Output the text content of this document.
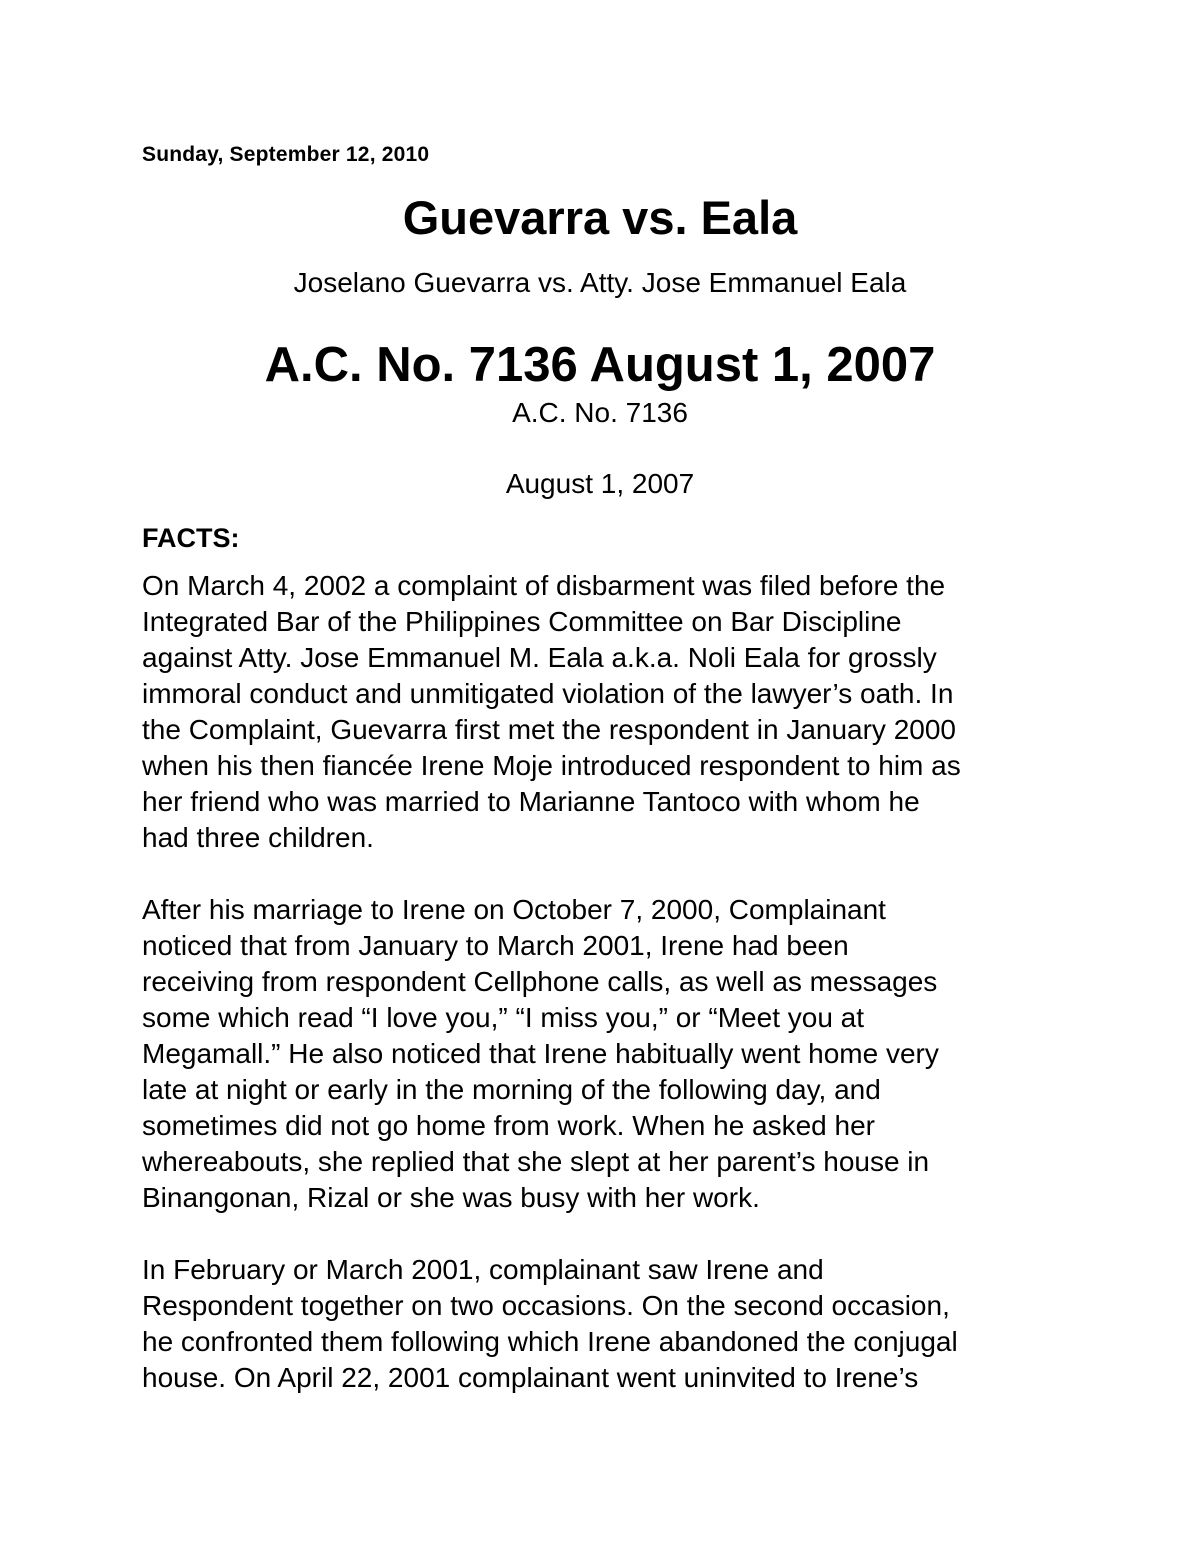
Sunday, September 12, 2010
Guevarra vs. Eala
Joselano Guevarra vs. Atty. Jose Emmanuel Eala
A.C. No. 7136 August 1, 2007
A.C. No. 7136
August 1, 2007
FACTS:

On March 4, 2002 a complaint of disbarment was filed before the
Integrated Bar of the Philippines Committee on Bar Discipline
against Atty. Jose Emmanuel M. Eala a.k.a. Noli Eala for grossly
immoral conduct and unmitigated violation of the lawyer’s oath. In
the Complaint, Guevarra first met the respondent in January 2000
when his then fiancée Irene Moje introduced respondent to him as
her friend who was married to Marianne Tantoco with whom he
had three children.

After his marriage to Irene on October 7, 2000, Complainant
noticed that from January to March 2001, Irene had been
receiving from respondent Cellphone calls, as well as messages
some which read “I love you,” “I miss you,” or “Meet you at
Megamall.” He also noticed that Irene habitually went home very
late at night or early in the morning of the following day, and
sometimes did not go home from work. When he asked her
whereabouts, she replied that she slept at her parent’s house in
Binangonan, Rizal or she was busy with her work.

In February or March 2001, complainant saw Irene and
Respondent together on two occasions. On the second occasion,
he confronted them following which Irene abandoned the conjugal
house. On April 22, 2001 complainant went uninvited to Irene’s
